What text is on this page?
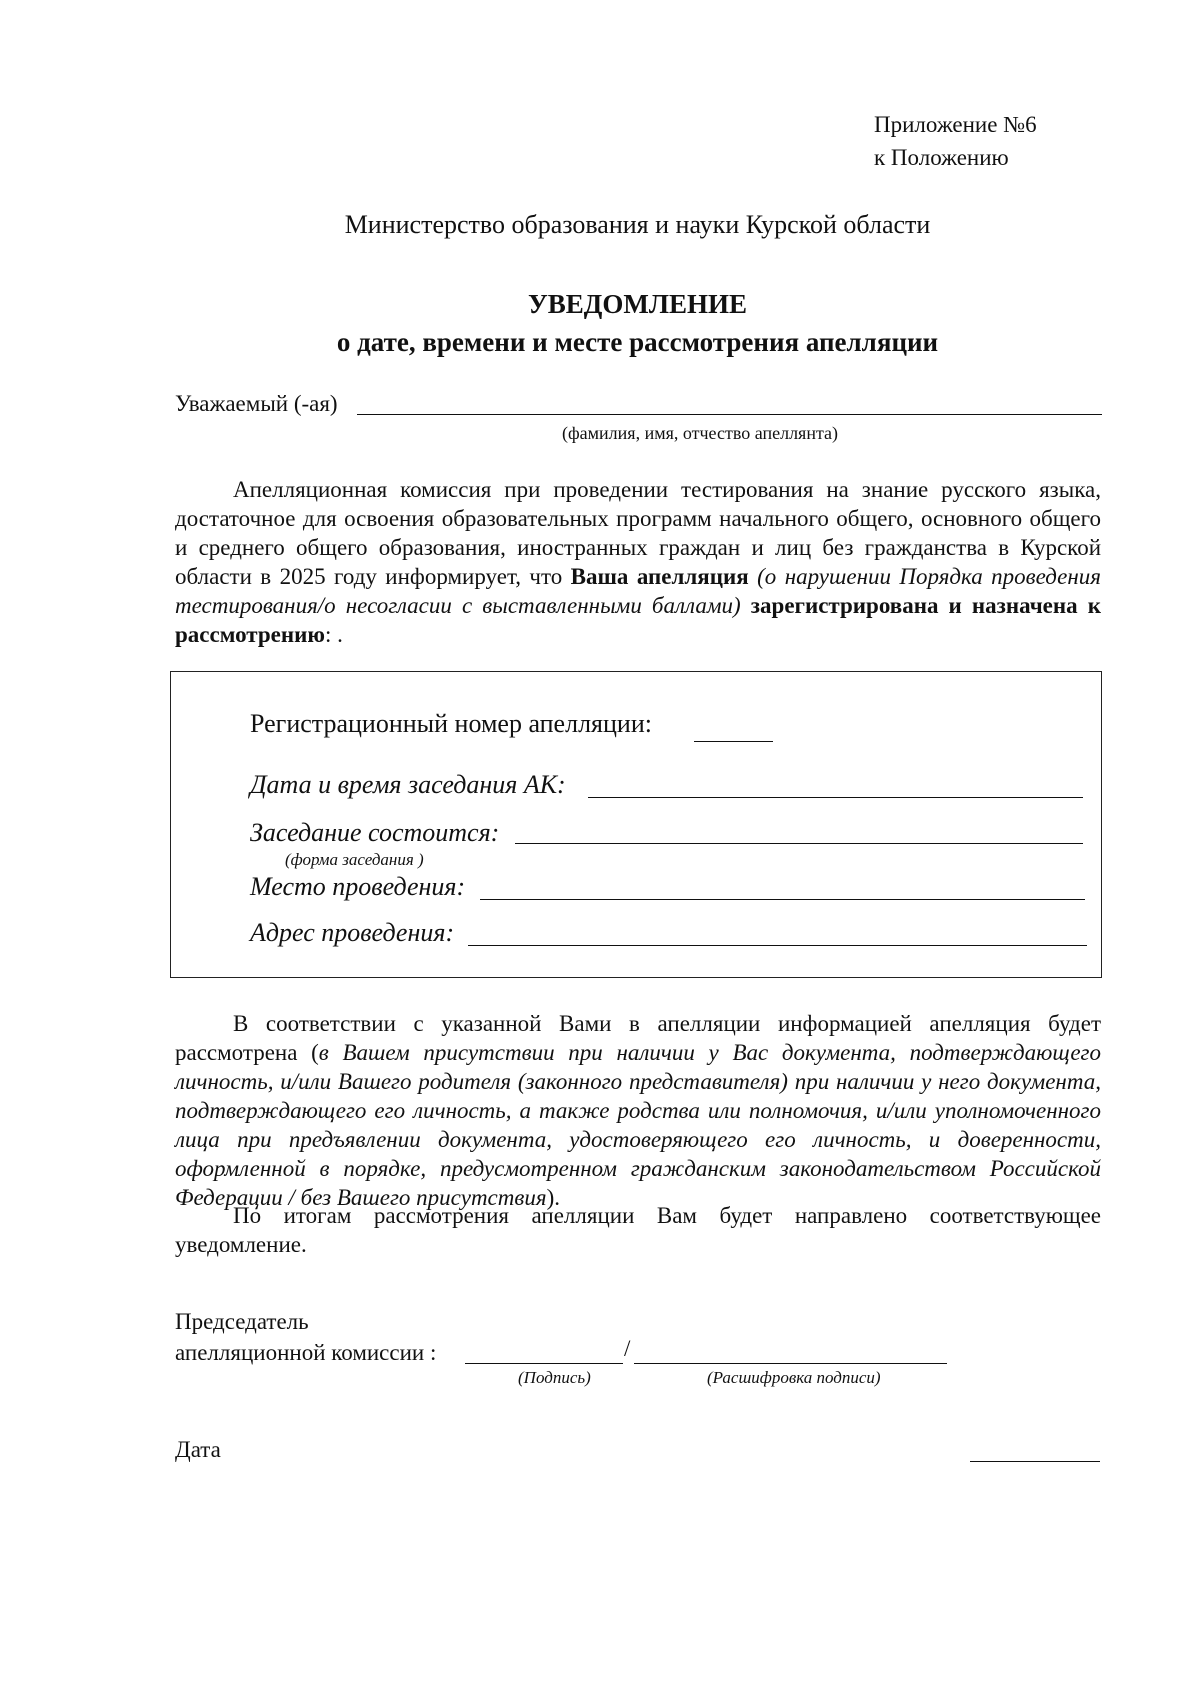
Приложение №6
к Положению
Министерство образования и науки Курской области
УВЕДОМЛЕНИЕ
о дате, времени и месте рассмотрения апелляции
Уважаемый (-ая)
(фамилия, имя, отчество апеллянта)
Апелляционная комиссия при проведении тестирования на знание русского языка, достаточное для освоения образовательных программ начального общего, основного общего и среднего общего образования, иностранных граждан и лиц без гражданства в Курской области в 2025 году информирует, что Ваша апелляция (о нарушении Порядка проведения тестирования/о несогласии с выставленными баллами) зарегистрирована и назначена к рассмотрению: .
Регистрационный номер апелляции:
Дата и время заседания АК:
Заседание состоится:
(форма заседания )
Место проведения:
Адрес проведения:
В соответствии с указанной Вами в апелляции информацией апелляция будет рассмотрена (в Вашем присутствии при наличии у Вас документа, подтверждающего личность, и/или Вашего родителя (законного представителя) при наличии у него документа, подтверждающего его личность, а также родства или полномочия, и/или уполномоченного лица при предъявлении документа, удостоверяющего его личность, и доверенности, оформленной в порядке, предусмотренном гражданским законодательством Российской Федерации / без Вашего присутствия).
По итогам рассмотрения апелляции Вам будет направлено соответствующее уведомление.
Председатель
апелляционной комиссии :	/
(Подпись)	(Расшифровка подписи)
Дата
